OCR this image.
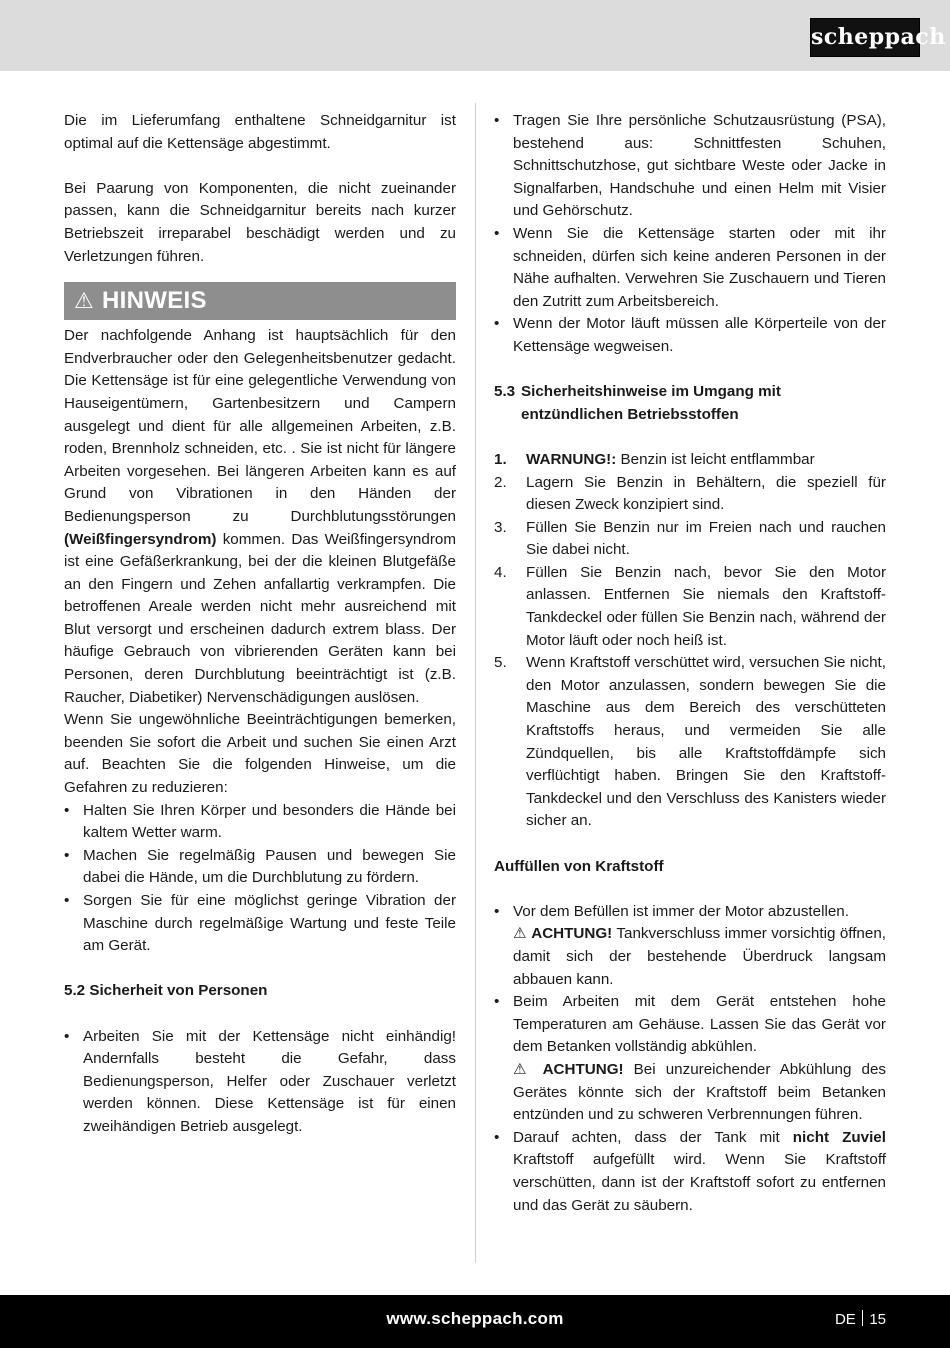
scheppach

Die im Lieferumfang enthaltene Schneidgarnitur ist optimal auf die Kettensäge abgestimmt.

Bei Paarung von Komponenten, die nicht zueinander passen, kann die Schneidgarnitur bereits nach kurzer Betriebszeit irreparabel beschädigt werden und zu Verletzungen führen.

⚠ HINWEIS

Der nachfolgende Anhang ist hauptsächlich für den Endverbraucher oder den Gelegenheitsbenutzer gedacht. Die Kettensäge ist für eine gelegentliche Verwendung von Hauseigentümern, Gartenbesitzern und Campern ausgelegt und dient für alle allgemeinen Arbeiten, z.B. roden, Brennholz schneiden, etc. . Sie ist nicht für längere Arbeiten vorgesehen. Bei längeren Arbeiten kann es auf Grund von Vibrationen in den Händen der Bedienungsperson zu Durchblutungsstörungen (Weißfingersyndrom) kommen. Das Weißfingersyndrom ist eine Gefäßerkrankung, bei der die kleinen Blutgefäße an den Fingern und Zehen anfallartig verkrampfen. Die betroffenen Areale werden nicht mehr ausreichend mit Blut versorgt und erscheinen dadurch extrem blass. Der häufige Gebrauch von vibrierenden Geräten kann bei Personen, deren Durchblutung beeinträchtigt ist (z.B. Raucher, Diabetiker) Nervenschädigungen auslösen.

Wenn Sie ungewöhnliche Beeinträchtigungen bemerken, beenden Sie sofort die Arbeit und suchen Sie einen Arzt auf. Beachten Sie die folgenden Hinweise, um die Gefahren zu reduzieren:

• Halten Sie Ihren Körper und besonders die Hände bei kaltem Wetter warm.
• Machen Sie regelmäßig Pausen und bewegen Sie dabei die Hände, um die Durchblutung zu fördern.
• Sorgen Sie für eine möglichst geringe Vibration der Maschine durch regelmäßige Wartung und feste Teile am Gerät.
5.2 Sicherheit von Personen
• Arbeiten Sie mit der Kettensäge nicht einhändig! Andernfalls besteht die Gefahr, dass Bedienungsperson, Helfer oder Zuschauer verletzt werden können. Diese Kettensäge ist für einen zweihändigen Betrieb ausgelegt.
• Tragen Sie Ihre persönliche Schutzausrüstung (PSA), bestehend aus: Schnittfesten Schuhen, Schnittschutzhose, gut sichtbare Weste oder Jacke in Signalfarben, Handschuhe und einen Helm mit Visier und Gehörschutz.
• Wenn Sie die Kettensäge starten oder mit ihr schneiden, dürfen sich keine anderen Personen in der Nähe aufhalten. Verwehren Sie Zuschauern und Tieren den Zutritt zum Arbeitsbereich.
• Wenn der Motor läuft müssen alle Körperteile von der Kettensäge wegweisen.
5.3 Sicherheitshinweise im Umgang mit entzündlichen Betriebsstoffen
1.	WARNUNG!: Benzin ist leicht entflammbar
2.	Lagern Sie Benzin in Behältern, die speziell für diesen Zweck konzipiert sind.
3.	Füllen Sie Benzin nur im Freien nach und rauchen Sie dabei nicht.
4.	Füllen Sie Benzin nach, bevor Sie den Motor anlassen. Entfernen Sie niemals den Kraftstoff-Tankdeckel oder füllen Sie Benzin nach, während der Motor läuft oder noch heiß ist.
5.	Wenn Kraftstoff verschüttet wird, versuchen Sie nicht, den Motor anzulassen, sondern bewegen Sie die Maschine aus dem Bereich des verschütteten Kraftstoffs heraus, und vermeiden Sie alle Zündquellen, bis alle Kraftstoffdämpfe sich verflüchtigt haben. Bringen Sie den Kraftstoff-Tankdeckel und den Verschluss des Kanisters wieder sicher an.
Auffüllen von Kraftstoff
• Vor dem Befüllen ist immer der Motor abzustellen.
⚠ ACHTUNG! Tankverschluss immer vorsichtig öffnen, damit sich der bestehende Überdruck langsam abbauen kann.
• Beim Arbeiten mit dem Gerät entstehen hohe Temperaturen am Gehäuse. Lassen Sie das Gerät vor dem Betanken vollständig abkühlen.
⚠ ACHTUNG! Bei unzureichender Abkühlung des Gerätes könnte sich der Kraftstoff beim Betanken entzünden und zu schweren Verbrennungen führen.
• Darauf achten, dass der Tank mit nicht Zuviel Kraftstoff aufgefüllt wird. Wenn Sie Kraftstoff verschütten, dann ist der Kraftstoff sofort zu entfernen und das Gerät zu säubern.
www.scheppach.com	DE 15
